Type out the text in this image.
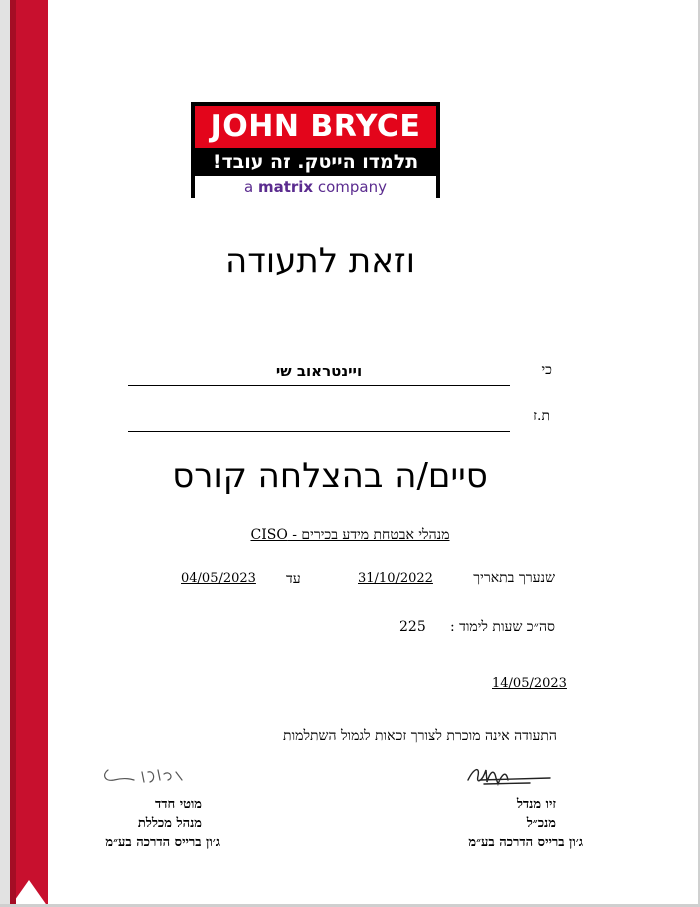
JOHN BRYCE
תלמדו הייטק. זה עובד!
a matrix company
וזאת לתעודה
כי
ויינטראוב שי
ת.ז
סיים/ה בהצלחה קורס
מנהלי אבטחת מידע בכירים - CISO
שנערך בתאריך
31/10/2022
עד
04/05/2023
סה״כ שעות לימוד :
225
14/05/2023
התעודה אינה מוכרת לצורך זכאות לגמול השתלמות
זיו מנדל
מנכ״ל
ג׳ון ברייס הדרכה בע״מ
מוטי חדד
מנהל מכללת
ג׳ון ברייס הדרכה בע״מ
